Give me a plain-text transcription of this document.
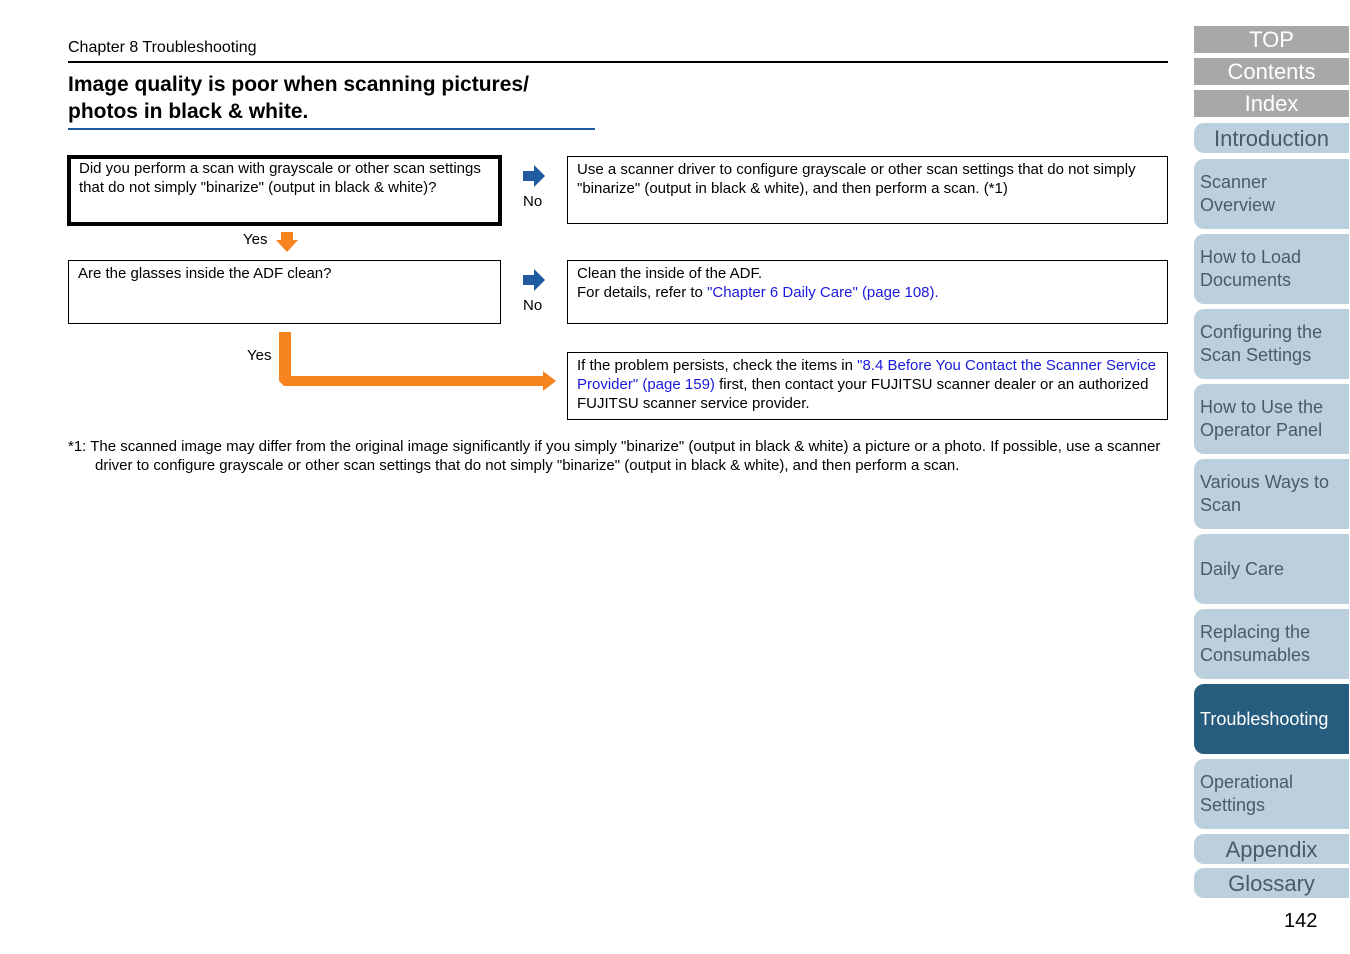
Chapter 8 Troubleshooting
Image quality is poor when scanning pictures/
photos in black & white.
Did you perform a scan with grayscale or other scan settings that do not simply "binarize" (output in black & white)?
No
Use a scanner driver to configure grayscale or other scan settings that do not simply "binarize" (output in black & white), and then perform a scan. (*1)
Yes
Are the glasses inside the ADF clean?
No
Clean the inside of the ADF.
For details, refer to "Chapter 6 Daily Care" (page 108).
Yes
If the problem persists, check the items in "8.4 Before You Contact the Scanner Service Provider" (page 159) first, then contact your FUJITSU scanner dealer or an authorized FUJITSU scanner service provider.
*1: The scanned image may differ from the original image significantly if you simply "binarize" (output in black & white) a picture or a photo. If possible, use a scanner driver to configure grayscale or other scan settings that do not simply "binarize" (output in black & white), and then perform a scan.
TOP
Contents
Index
Introduction
Scanner Overview
How to Load Documents
Configuring the Scan Settings
How to Use the Operator Panel
Various Ways to Scan
Daily Care
Replacing the Consumables
Troubleshooting
Operational Settings
Appendix
Glossary
142
